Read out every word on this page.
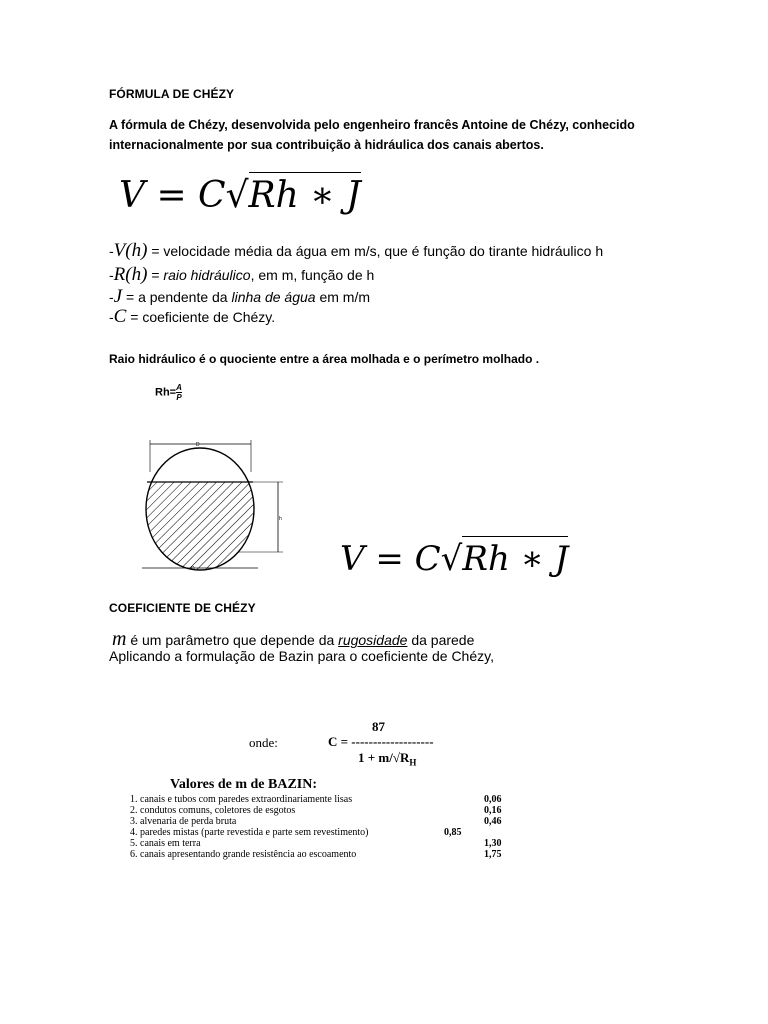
FÓRMULA DE CHÉZY
A fórmula de Chézy, desenvolvida pelo engenheiro francês Antoine de Chézy, conhecido
internacionalmente por sua contribuição à hidráulica dos canais abertos.
V = C√Rh ∗ J
-V(h) = velocidade média da água em m/s, que é função do tirante hidráulico h
-R(h) = raio hidráulico, em m, função de h
-J = a pendente da linha de água em m/m
-C = coeficiente de Chézy.
Raio hidráulico é o quociente entre a área molhada e o perímetro molhado .
$Rh= \frac{A}{P}$
D
h
D	V = C√Rh ∗ J
COEFICIENTE DE CHÉZY
m é um parâmetro que depende da rugosidade da parede
Aplicando a formulação de Bazin para o coeficiente de Chézy,
onde:
87
C = -------------------
$1 + m/√R_H$
Valores de m de BAZIN:
1. canais e tubos com paredes extraordinariamente lisas	0,06
2. condutos comuns, coletores de esgotos	0,16
3. alvenaria de perda bruta	0,46
4. paredes mistas (parte revestida e parte sem revestimento)	0,85
5. canais em terra	1,30
6. canais apresentando grande resistência ao escoamento	1,75
